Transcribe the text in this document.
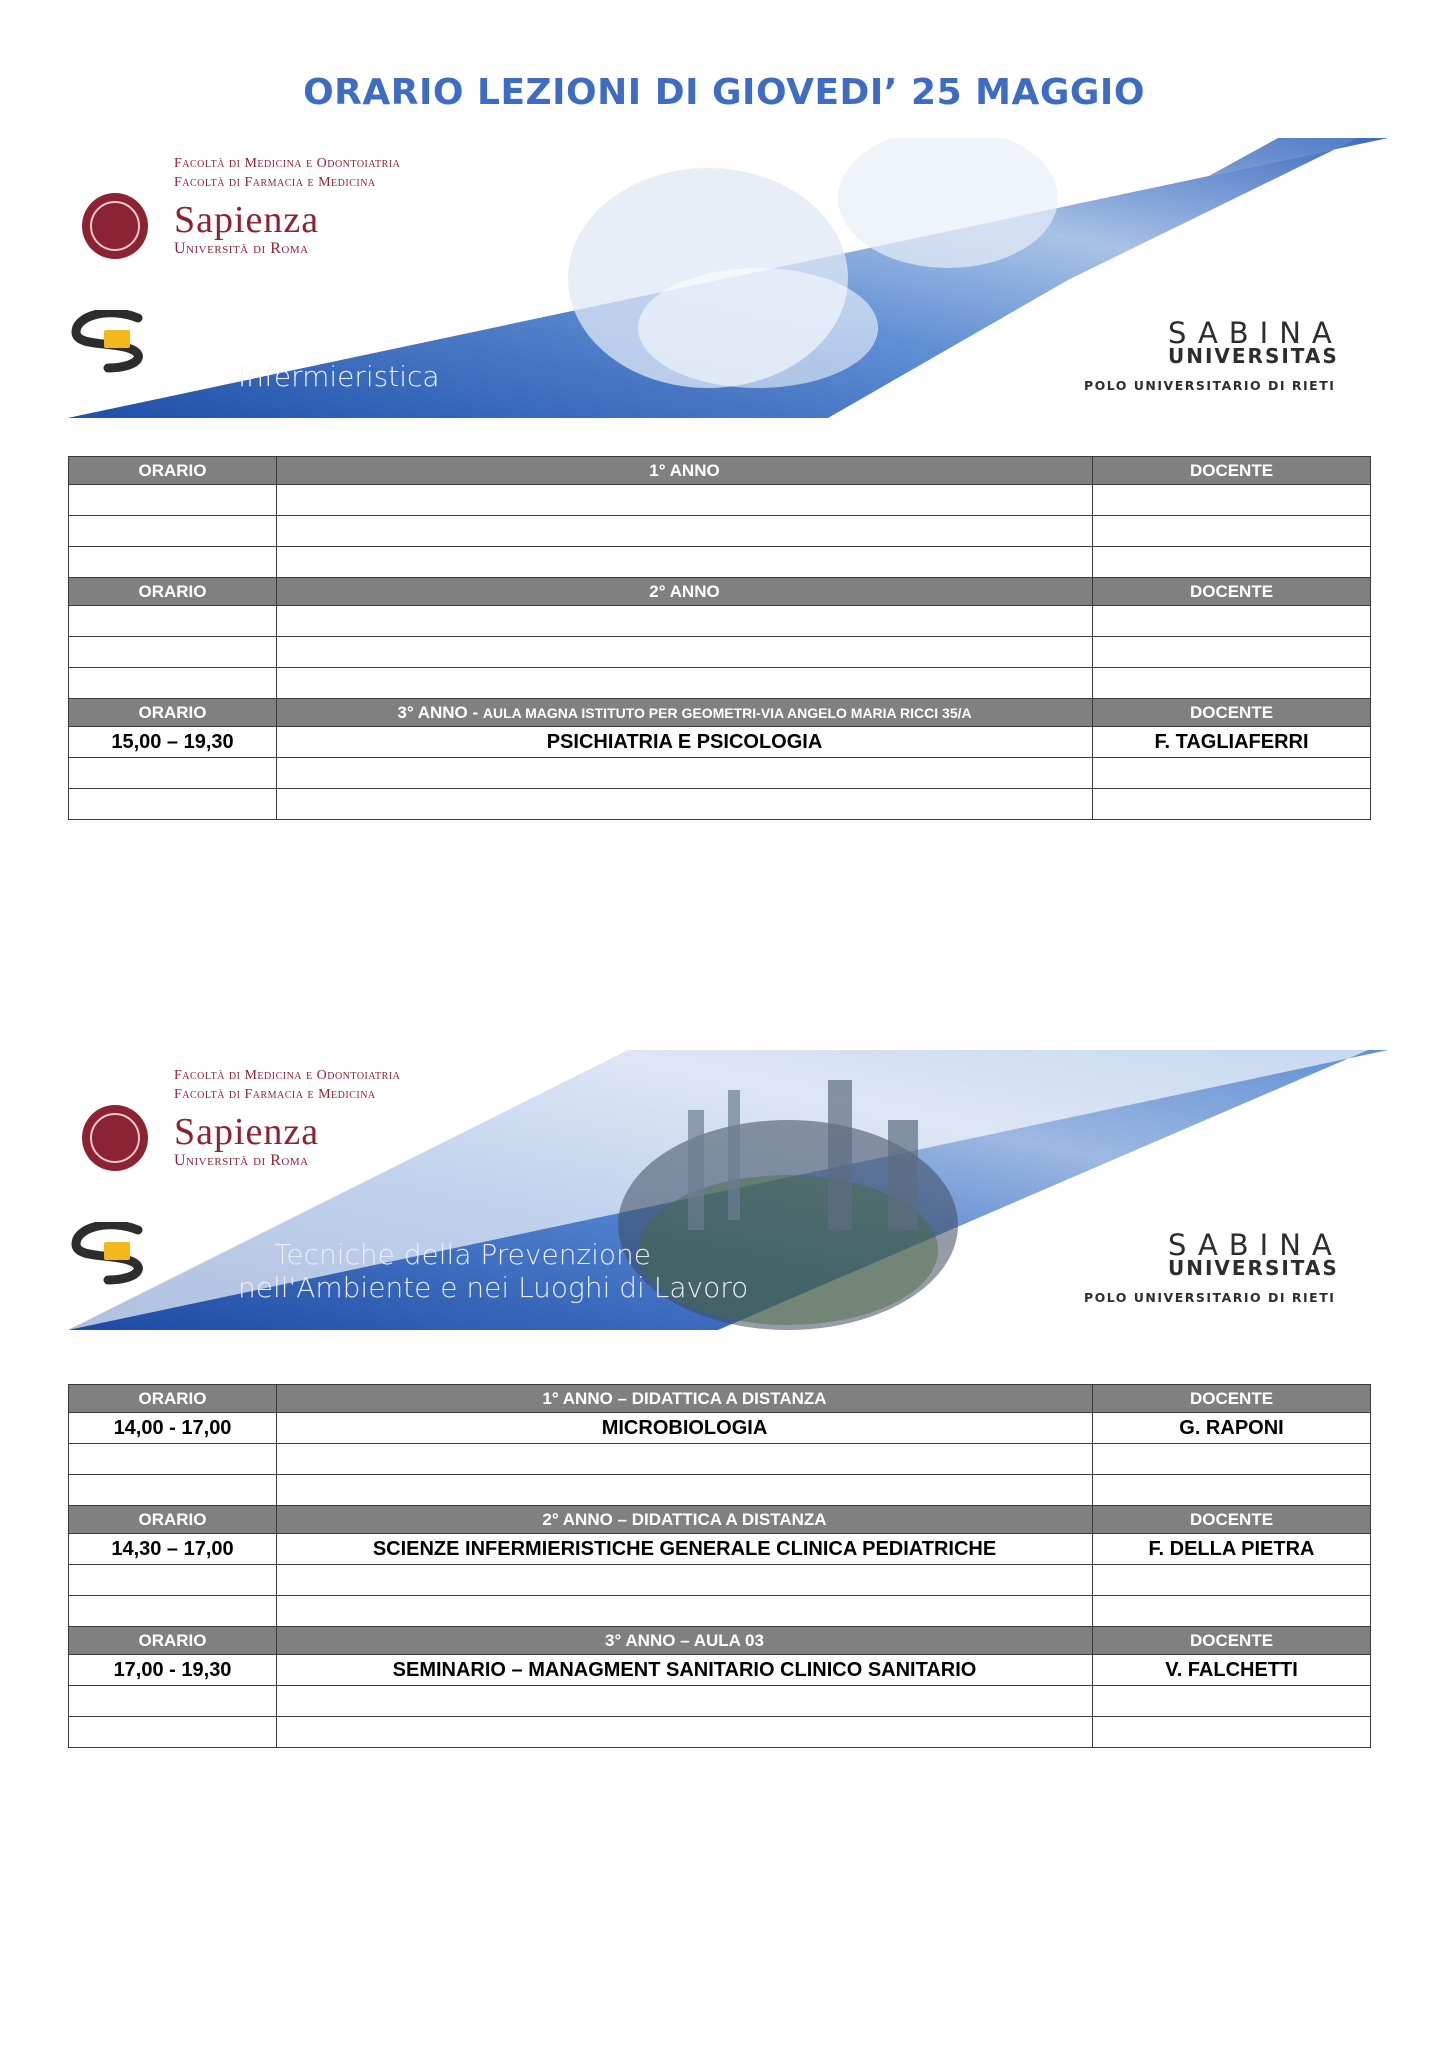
ORARIO LEZIONI DI GIOVEDI’ 25 MAGGIO
Facoltà di Medicina e Odontoiatria
Facoltà di Farmacia e Medicina
Sapienza
Università di Roma
Infermieristica
SABINA
UNIVERSITAS
POLO UNIVERSITARIO DI RIETI
ORARIO	1° ANNO	DOCENTE

ORARIO	2° ANNO	DOCENTE

ORARIO	3° ANNO - AULA MAGNA ISTITUTO PER GEOMETRI-VIA ANGELO MARIA RICCI 35/A	DOCENTE
15,00 – 19,30	PSICHIATRIA E PSICOLOGIA	F. TAGLIAFERRI

Facoltà di Medicina e Odontoiatria
Facoltà di Farmacia e Medicina
Sapienza
Università di Roma
Tecniche della Prevenzione
nell'Ambiente e nei Luoghi di Lavoro
SABINA
UNIVERSITAS
POLO UNIVERSITARIO DI RIETI
ORARIO	1° ANNO – DIDATTICA A DISTANZA	DOCENTE
14,00 - 17,00	MICROBIOLOGIA	G. RAPONI

ORARIO	2° ANNO – DIDATTICA A DISTANZA	DOCENTE
14,30 – 17,00	SCIENZE INFERMIERISTICHE GENERALE CLINICA PEDIATRICHE	F. DELLA PIETRA

ORARIO	3° ANNO – AULA 03	DOCENTE
17,00 - 19,30	SEMINARIO – MANAGMENT SANITARIO CLINICO SANITARIO	V. FALCHETTI
